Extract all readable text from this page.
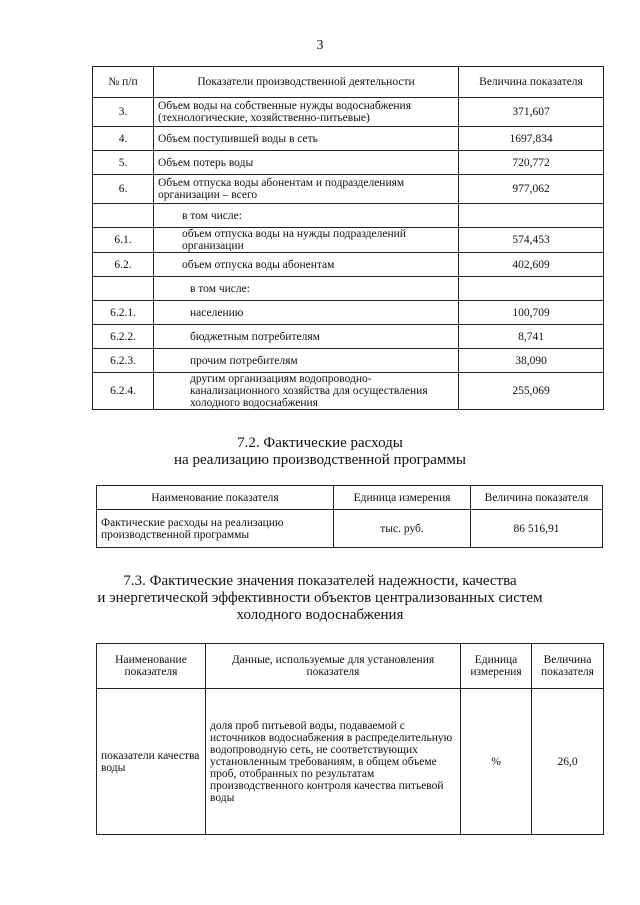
3
№ п/п	Показатели производственной деятельности	Величина показателя
3.	Объем воды на собственные нужды водоснабжения (технологические, хозяйственно-питьевые)	371,607
4.	Объем поступившей воды в сеть	1697,834
5.	Объем потерь воды	720,772
6.	Объем отпуска воды абонентам и подразделениям организации – всего	977,062
	в том числе:	
6.1.	объем отпуска воды на нужды подразделений организации	574,453
6.2.	объем отпуска воды абонентам	402,609
	в том числе:	
6.2.1.	населению	100,709
6.2.2.	бюджетным потребителям	8,741
6.2.3.	прочим потребителям	38,090
6.2.4.	другим организациям водопроводно-канализационного хозяйства для осуществления холодного водоснабжения	255,069
7.2. Фактические расходы
на реализацию производственной программы
Наименование показателя	Единица измерения	Величина показателя
Фактические расходы на реализацию производственной программы	тыс. руб.	86 516,91
7.3. Фактические значения показателей надежности, качества
и энергетической эффективности объектов централизованных систем
холодного водоснабжения
Наименование показателя	Данные, используемые для установления показателя	Единица измерения	Величина показателя
показатели качества воды	доля проб питьевой воды, подаваемой с источников водоснабжения в распределительную водопроводную сеть, не соответствующих установленным требованиям, в общем объеме проб, отобранных по результатам производственного контроля качества питьевой воды	%	26,0
